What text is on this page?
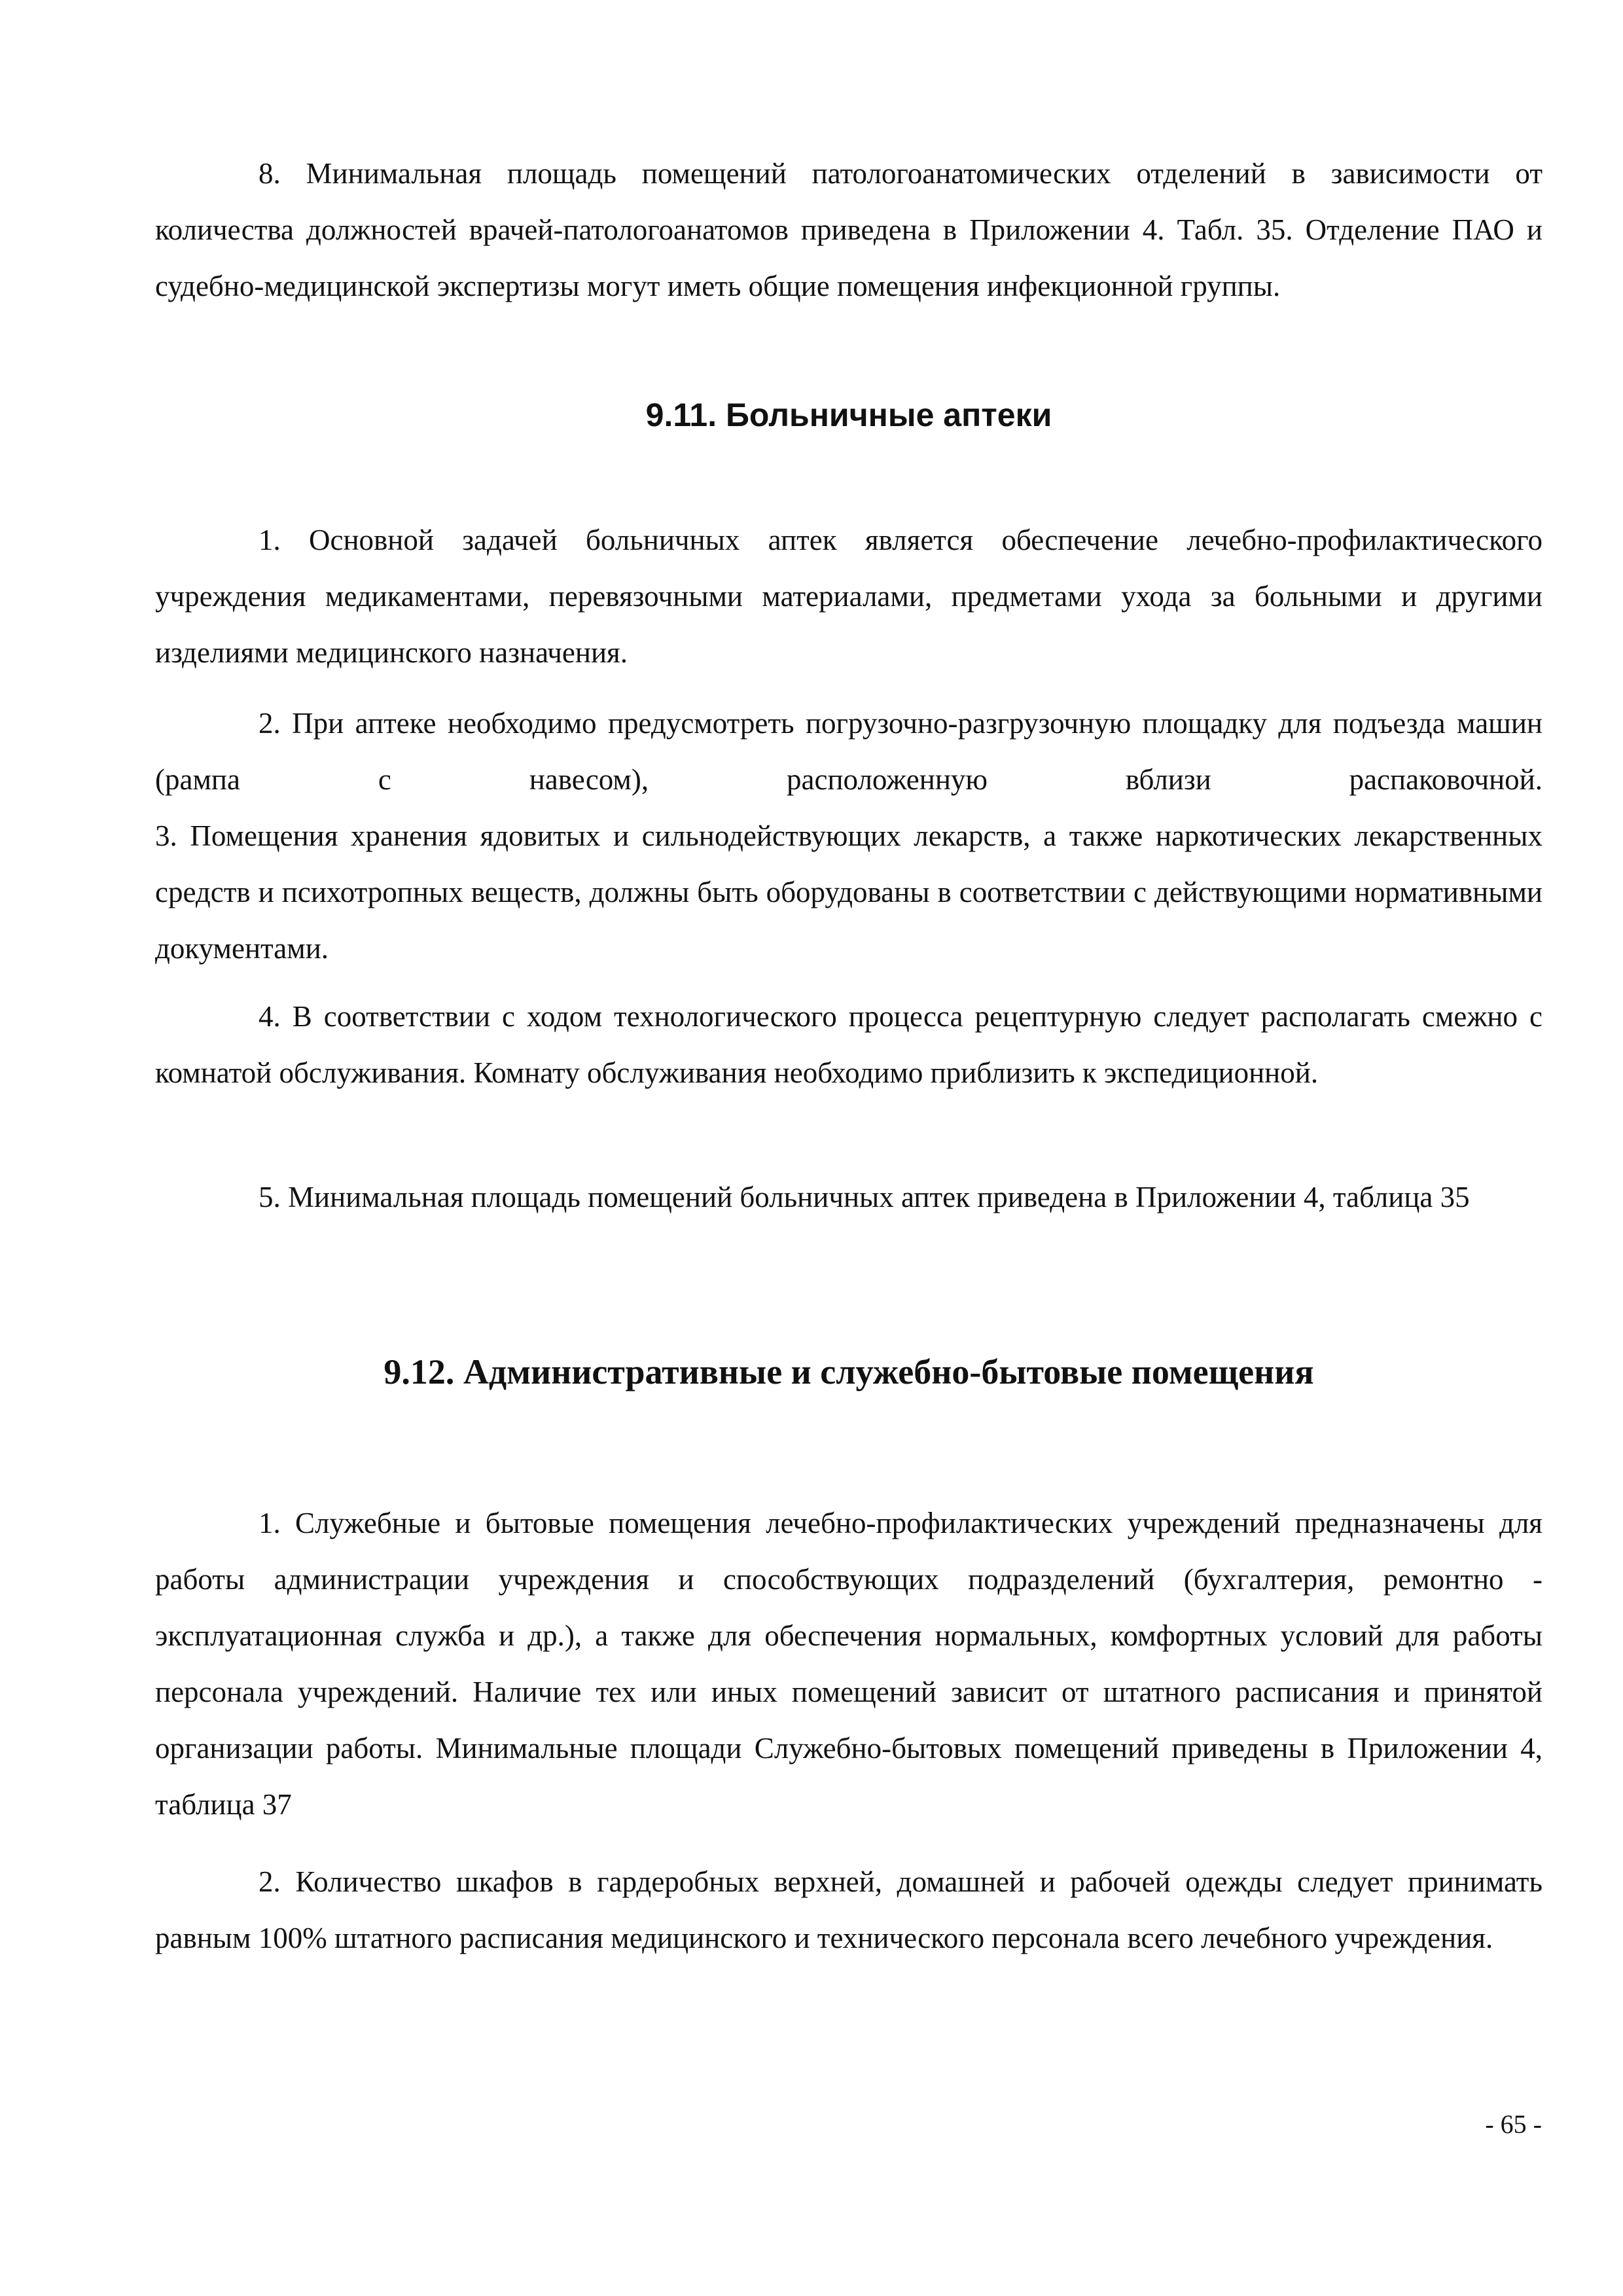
8. Минимальная площадь помещений патологоанатомических отделений в зависимости от количества должностей врачей-патологоанатомов приведена в Приложении 4. Табл. 35. Отделение ПАО и судебно-медицинской экспертизы могут иметь общие помещения инфекционной группы.

9.11. Больничные аптеки

1. Основной задачей больничных аптек является обеспечение лечебно-профилактического учреждения медикаментами, перевязочными материалами, предметами ухода за больными и другими изделиями медицинского назначения.

2. При аптеке необходимо предусмотреть погрузочно-разгрузочную площадку для подъезда машин (рампа с навесом), расположенную вблизи распаковочной.

3. Помещения хранения ядовитых и сильнодействующих лекарств, а также наркотических лекарственных средств и психотропных веществ, должны быть оборудованы в соответствии с действующими нормативными документами.

4. В соответствии с ходом технологического процесса рецептурную следует располагать смежно с комнатой обслуживания. Комнату обслуживания необходимо приблизить к экспедиционной.

5. Минимальная площадь помещений больничных аптек приведена в Приложении 4, таблица 35

9.12. Административные и служебно-бытовые помещения

1. Служебные и бытовые помещения лечебно-профилактических учреждений предназначены для работы администрации учреждения и способствующих подразделений (бухгалтерия, ремонтно - эксплуатационная служба и др.), а также для обеспечения нормальных, комфортных условий для работы персонала учреждений. Наличие тех или иных помещений зависит от штатного расписания и принятой организации работы. Минимальные площади Служебно-бытовых помещений приведены в Приложении 4, таблица 37

2. Количество шкафов в гардеробных верхней, домашней и рабочей одежды следует принимать равным 100% штатного расписания медицинского и технического персонала всего лечебного учреждения.

- 65 -
